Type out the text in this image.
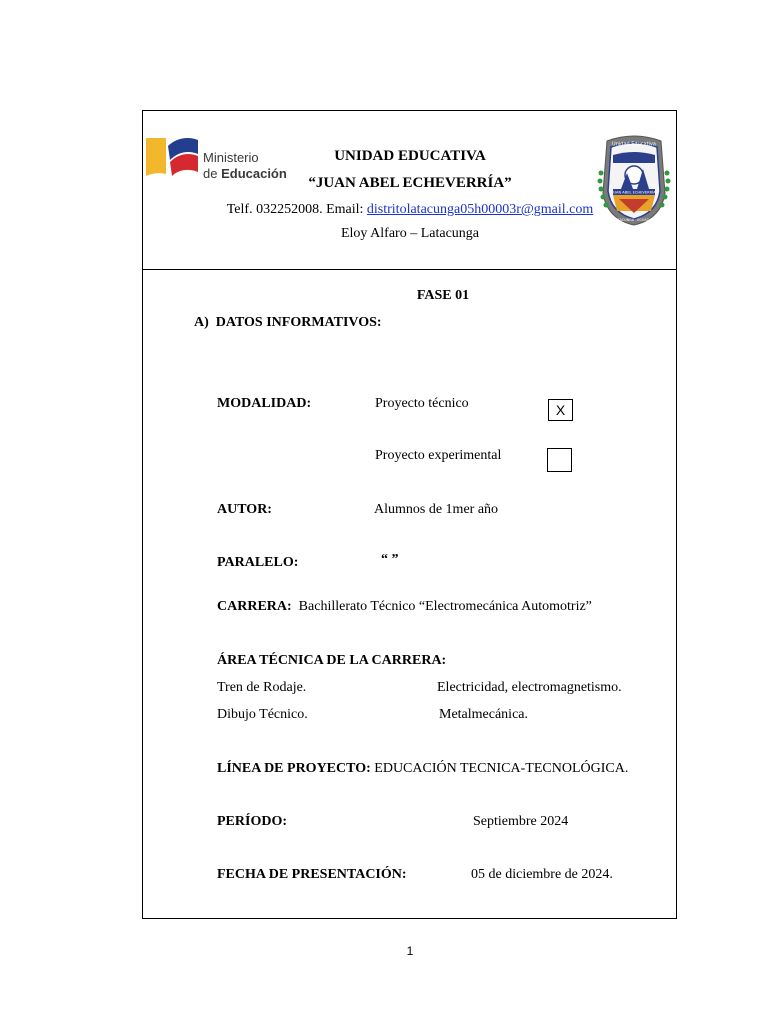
Ministerio
de Educación
UNIDAD EDUCATIVA
“JUAN ABEL ECHEVERRÍA”
Telf. 032252008. Email: distritolatacunga05h00003r@gmail.com
Eloy Alfaro – Latacunga
Unidad Educativa
JUAN ABEL ECHEVERRÍA
LATACUNGA · ECUADOR
FASE 01
A)  DATOS INFORMATIVOS:
MODALIDAD:	Proyecto técnico	X
Proyecto experimental
AUTOR:	Alumnos de 1mer año
PARALELO:	“ ”
CARRERA: Bachillerato Técnico “Electromecánica Automotriz”
ÁREA TÉCNICA DE LA CARRERA:
Tren de Rodaje.	Electricidad, electromagnetismo.
Dibujo Técnico.	Metalmecánica.
LÍNEA DE PROYECTO: EDUCACIÓN TECNICA-TECNOLÓGICA.
PERÍODO:	Septiembre 2024
FECHA DE PRESENTACIÓN:	05 de diciembre de 2024.
1
